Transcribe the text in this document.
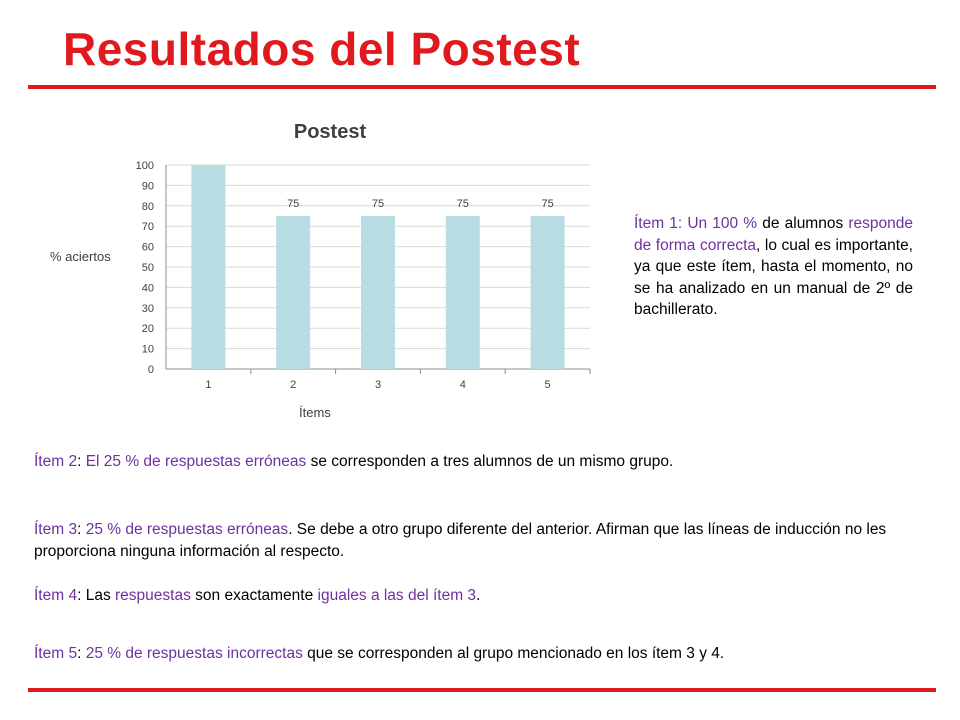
Resultados del Postest
Postest
% aciertos
Ítems
0
10
20
30
40
50
60
70
80
90
100
1	2
75
3
75
4
75
5
75
Ítem 1: Un 100 % de alumnos responde de forma correcta, lo cual es importante, ya que este ítem, hasta el momento, no se ha analizado en un manual de 2º de bachillerato.
Ítem 2: El 25 % de respuestas erróneas se corresponden a tres alumnos de un mismo grupo.
Ítem 3: 25 % de respuestas erróneas. Se debe a otro grupo diferente del anterior. Afirman que las líneas de inducción no les proporciona ninguna información al respecto.
Ítem 4: Las respuestas son exactamente iguales a las del ítem 3.
Ítem 5: 25 % de respuestas incorrectas que se corresponden al grupo mencionado en los ítem 3 y 4.
